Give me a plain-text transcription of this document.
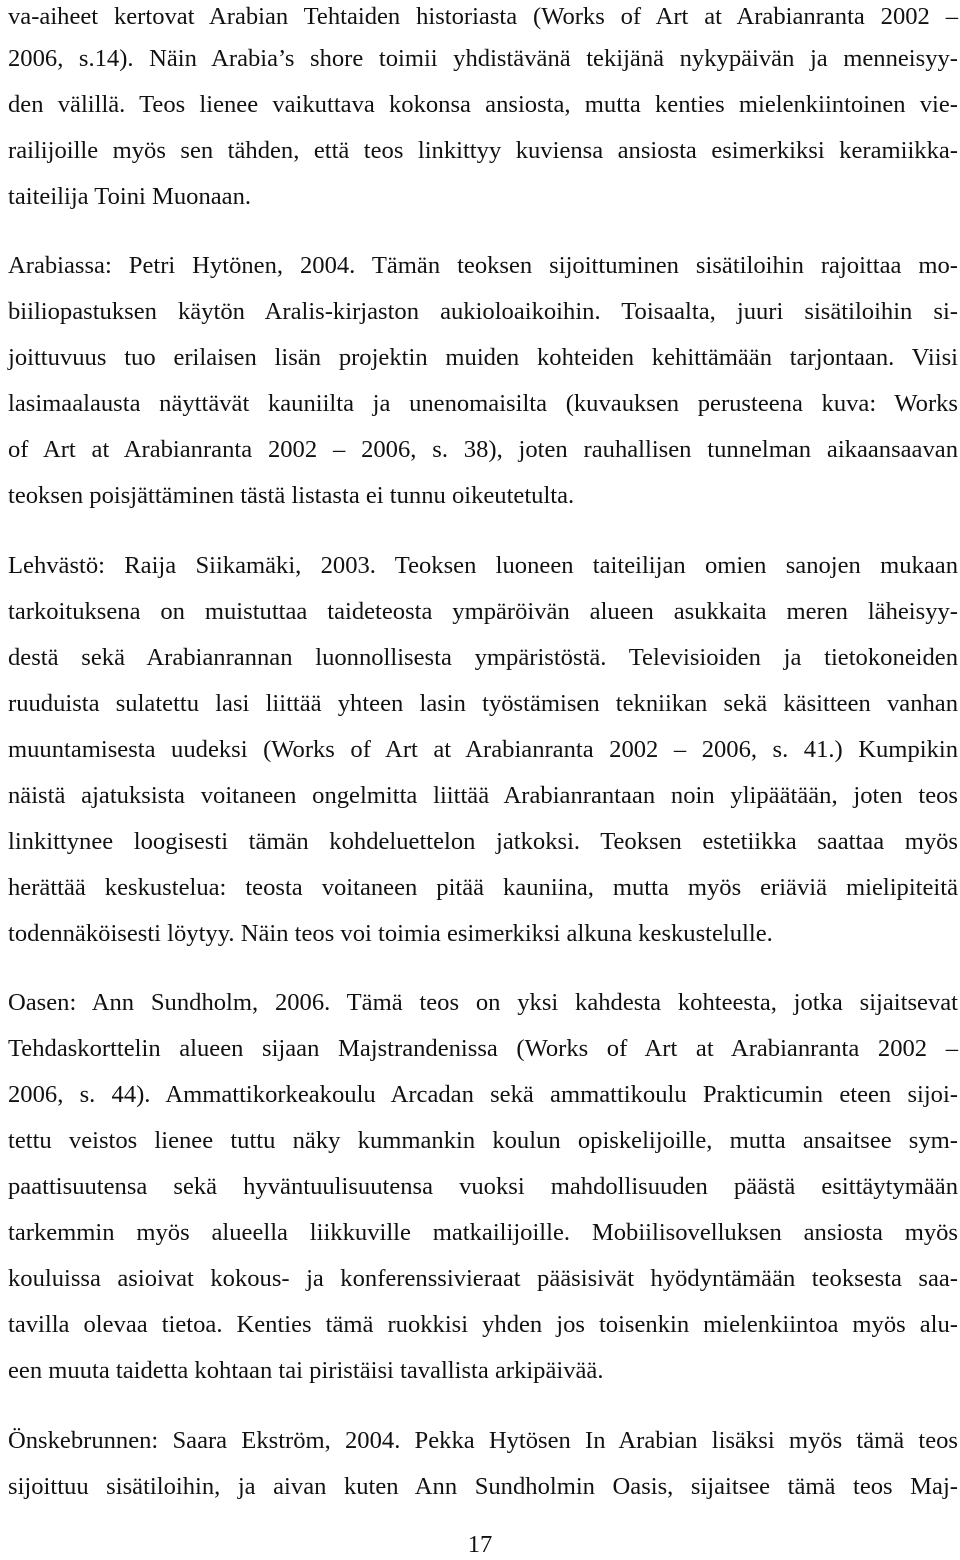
va-aiheet kertovat Arabian Tehtaiden historiasta (Works of Art at Arabianranta 2002 –
2006, s.14). Näin Arabia’s shore toimii yhdistävänä tekijänä nykypäivän ja menneisyy-
den välillä. Teos lienee vaikuttava kokonsa ansiosta, mutta kenties mielenkiintoinen vie-
railijoille myös sen tähden, että teos linkittyy kuviensa ansiosta esimerkiksi keramiikka-
taiteilija Toini Muonaan.
Arabiassa: Petri Hytönen, 2004. Tämän teoksen sijoittuminen sisätiloihin rajoittaa mo-
biiliopastuksen käytön Aralis-kirjaston aukioloaikoihin. Toisaalta, juuri sisätiloihin si-
joittuvuus tuo erilaisen lisän projektin muiden kohteiden kehittämään tarjontaan. Viisi
lasimaalausta näyttävät kauniilta ja unenomaisilta (kuvauksen perusteena kuva: Works
of Art at Arabianranta 2002 – 2006, s. 38), joten rauhallisen tunnelman aikaansaavan
teoksen poisjättäminen tästä listasta ei tunnu oikeutetulta.
Lehvästö: Raija Siikamäki, 2003. Teoksen luoneen taiteilijan omien sanojen mukaan
tarkoituksena on muistuttaa taideteosta ympäröivän alueen asukkaita meren läheisyy-
destä sekä Arabianrannan luonnollisesta ympäristöstä. Televisioiden ja tietokoneiden
ruuduista sulatettu lasi liittää yhteen lasin työstämisen tekniikan sekä käsitteen vanhan
muuntamisesta uudeksi (Works of Art at Arabianranta 2002 – 2006, s. 41.) Kumpikin
näistä ajatuksista voitaneen ongelmitta liittää Arabianrantaan noin ylipäätään, joten teos
linkittynee loogisesti tämän kohdeluettelon jatkoksi. Teoksen estetiikka saattaa myös
herättää keskustelua: teosta voitaneen pitää kauniina, mutta myös eriäviä mielipiteitä
todennäköisesti löytyy. Näin teos voi toimia esimerkiksi alkuna keskustelulle.
Oasen: Ann Sundholm, 2006. Tämä teos on yksi kahdesta kohteesta, jotka sijaitsevat
Tehdaskorttelin alueen sijaan Majstrandenissa (Works of Art at Arabianranta 2002 –
2006, s. 44). Ammattikorkeakoulu Arcadan sekä ammattikoulu Prakticumin eteen sijoi-
tettu veistos lienee tuttu näky kummankin koulun opiskelijoille, mutta ansaitsee sym-
paattisuutensa sekä hyväntuulisuutensa vuoksi mahdollisuuden päästä esittäytymään
tarkemmin myös alueella liikkuville matkailijoille. Mobiilisovelluksen ansiosta myös
kouluissa asioivat kokous- ja konferenssivieraat pääsisivät hyödyntämään teoksesta saa-
tavilla olevaa tietoa. Kenties tämä ruokkisi yhden jos toisenkin mielenkiintoa myös alu-
een muuta taidetta kohtaan tai piristäisi tavallista arkipäivää.
Önskebrunnen: Saara Ekström, 2004. Pekka Hytösen In Arabian lisäksi myös tämä teos
sijoittuu sisätiloihin, ja aivan kuten Ann Sundholmin Oasis, sijaitsee tämä teos Maj-
17
